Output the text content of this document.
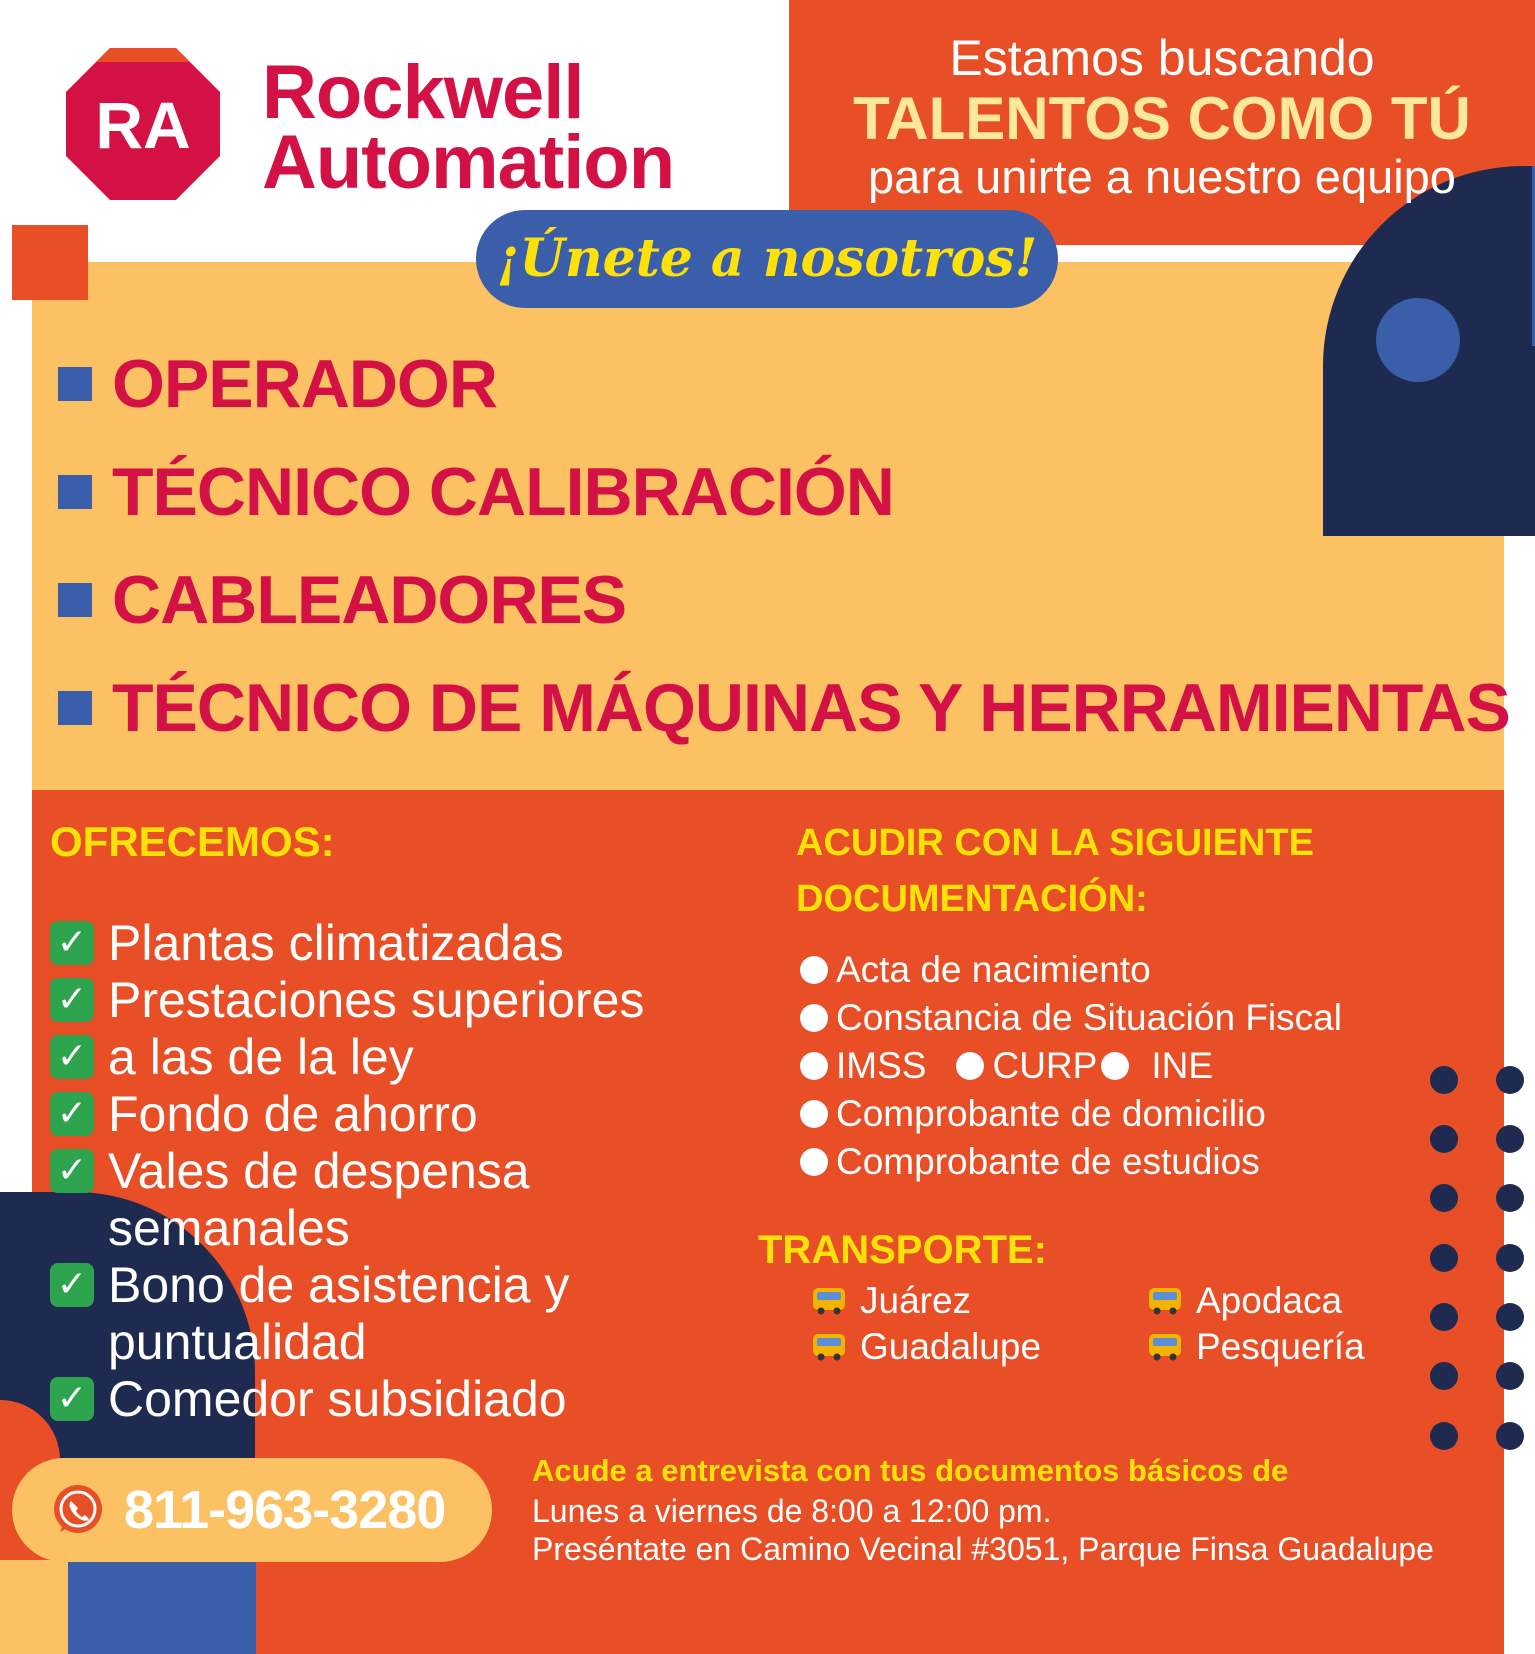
RA Rockwell
Automation
Estamos buscando
TALENTOS COMO TÚ
para unirte a nuestro equipo
¡Únete a nosotros!
OPERADOR
TÉCNICO CALIBRACIÓN
CABLEADORES
TÉCNICO DE MÁQUINAS Y HERRAMIENTAS
OFRECEMOS:
✓ Plantas climatizadas
✓ Prestaciones superiores
✓ a las de la ley
✓ Fondo de ahorro
✓ Vales de despensa semanales
✓ Bono de asistencia y puntualidad
✓ Comedor subsidiado
ACUDIR CON LA SIGUIENTE DOCUMENTACIÓN:
Acta de nacimiento
Constancia de Situación Fiscal
IMSS CURP INE
Comprobante de domicilio
Comprobante de estudios
TRANSPORTE:
Juárez
Guadalupe
Apodaca
Pesquería
811-963-3280
Acude a entrevista con tus documentos básicos de
Lunes a viernes de 8:00 a 12:00 pm.
Preséntate en Camino Vecinal #3051, Parque Finsa Guadalupe
